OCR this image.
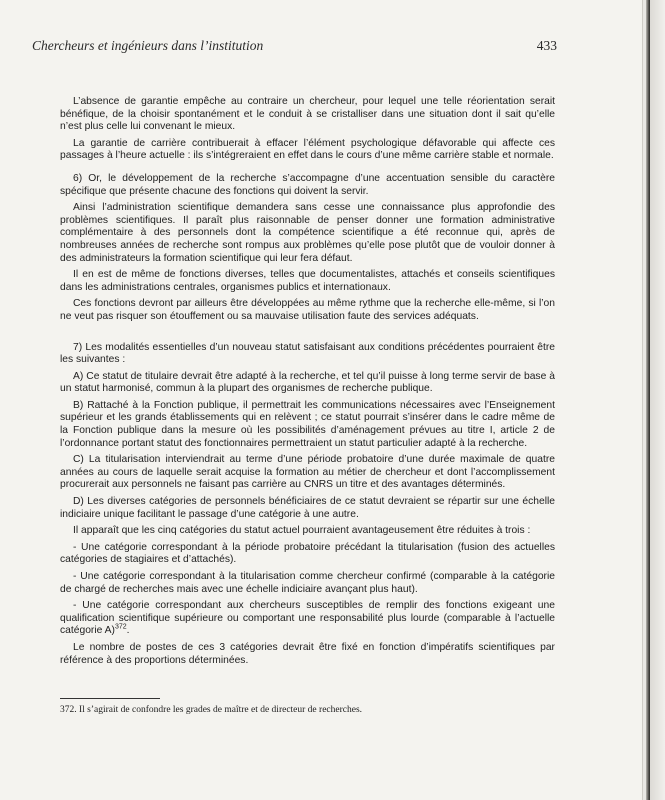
Chercheurs et ingénieurs dans l’institution	433

L’absence de garantie empêche au contraire un chercheur, pour lequel une telle réorientation serait bénéfique, de la choisir spontanément et le conduit à se cristalliser dans une situation dont il sait qu’elle n’est plus celle lui convenant le mieux.

La garantie de carrière contribuerait à effacer l’élément psychologique défavorable qui affecte ces passages à l’heure actuelle : ils s’intégreraient en effet dans le cours d’une même carrière stable et normale.

6) Or, le développement de la recherche s’accompagne d’une accentuation sensible du caractère spécifique que présente chacune des fonctions qui doivent la servir.

Ainsi l’administration scientifique demandera sans cesse une connaissance plus approfondie des problèmes scientifiques. Il paraît plus raisonnable de penser donner une formation administrative complémentaire à des personnels dont la compétence scientifique a été reconnue qui, après de nombreuses années de recherche sont rompus aux problèmes qu’elle pose plutôt que de vouloir donner à des administrateurs la formation scientifique qui leur fera défaut.

Il en est de même de fonctions diverses, telles que documentalistes, attachés et conseils scientifiques dans les administrations centrales, organismes publics et internationaux.

Ces fonctions devront par ailleurs être développées au même rythme que la recherche elle-même, si l’on ne veut pas risquer son étouffement ou sa mauvaise utilisation faute des services adéquats.

7) Les modalités essentielles d’un nouveau statut satisfaisant aux conditions précédentes pourraient être les suivantes :

A) Ce statut de titulaire devrait être adapté à la recherche, et tel qu’il puisse à long terme servir de base à un statut harmonisé, commun à la plupart des organismes de recherche publique.

B) Rattaché à la Fonction publique, il permettrait les communications nécessaires avec l’Enseignement supérieur et les grands établissements qui en relèvent ; ce statut pourrait s’insérer dans le cadre même de la Fonction publique dans la mesure où les possibilités d’aménagement prévues au titre I, article 2 de l’ordonnance portant statut des fonctionnaires permettraient un statut particulier adapté à la recherche.

C) La titularisation interviendrait au terme d’une période probatoire d’une durée maximale de quatre années au cours de laquelle serait acquise la formation au métier de chercheur et dont l’accomplissement procurerait aux personnels ne faisant pas carrière au CNRS un titre et des avantages déterminés.

D) Les diverses catégories de personnels bénéficiaires de ce statut devraient se répartir sur une échelle indiciaire unique facilitant le passage d’une catégorie à une autre.

Il apparaît que les cinq catégories du statut actuel pourraient avantageusement être réduites à trois :

- Une catégorie correspondant à la période probatoire précédant la titularisation (fusion des actuelles catégories de stagiaires et d’attachés).

- Une catégorie correspondant à la titularisation comme chercheur confirmé (comparable à la catégorie de chargé de recherches mais avec une échelle indiciaire avançant plus haut).

- Une catégorie correspondant aux chercheurs susceptibles de remplir des fonctions exigeant une qualification scientifique supérieure ou comportant une responsabilité plus lourde (comparable à l’actuelle catégorie A)$^{372}$.

Le nombre de postes de ces 3 catégories devrait être fixé en fonction d’impératifs scientifiques par référence à des proportions déterminées.

372. Il s’agirait de confondre les grades de maître et de directeur de recherches.
